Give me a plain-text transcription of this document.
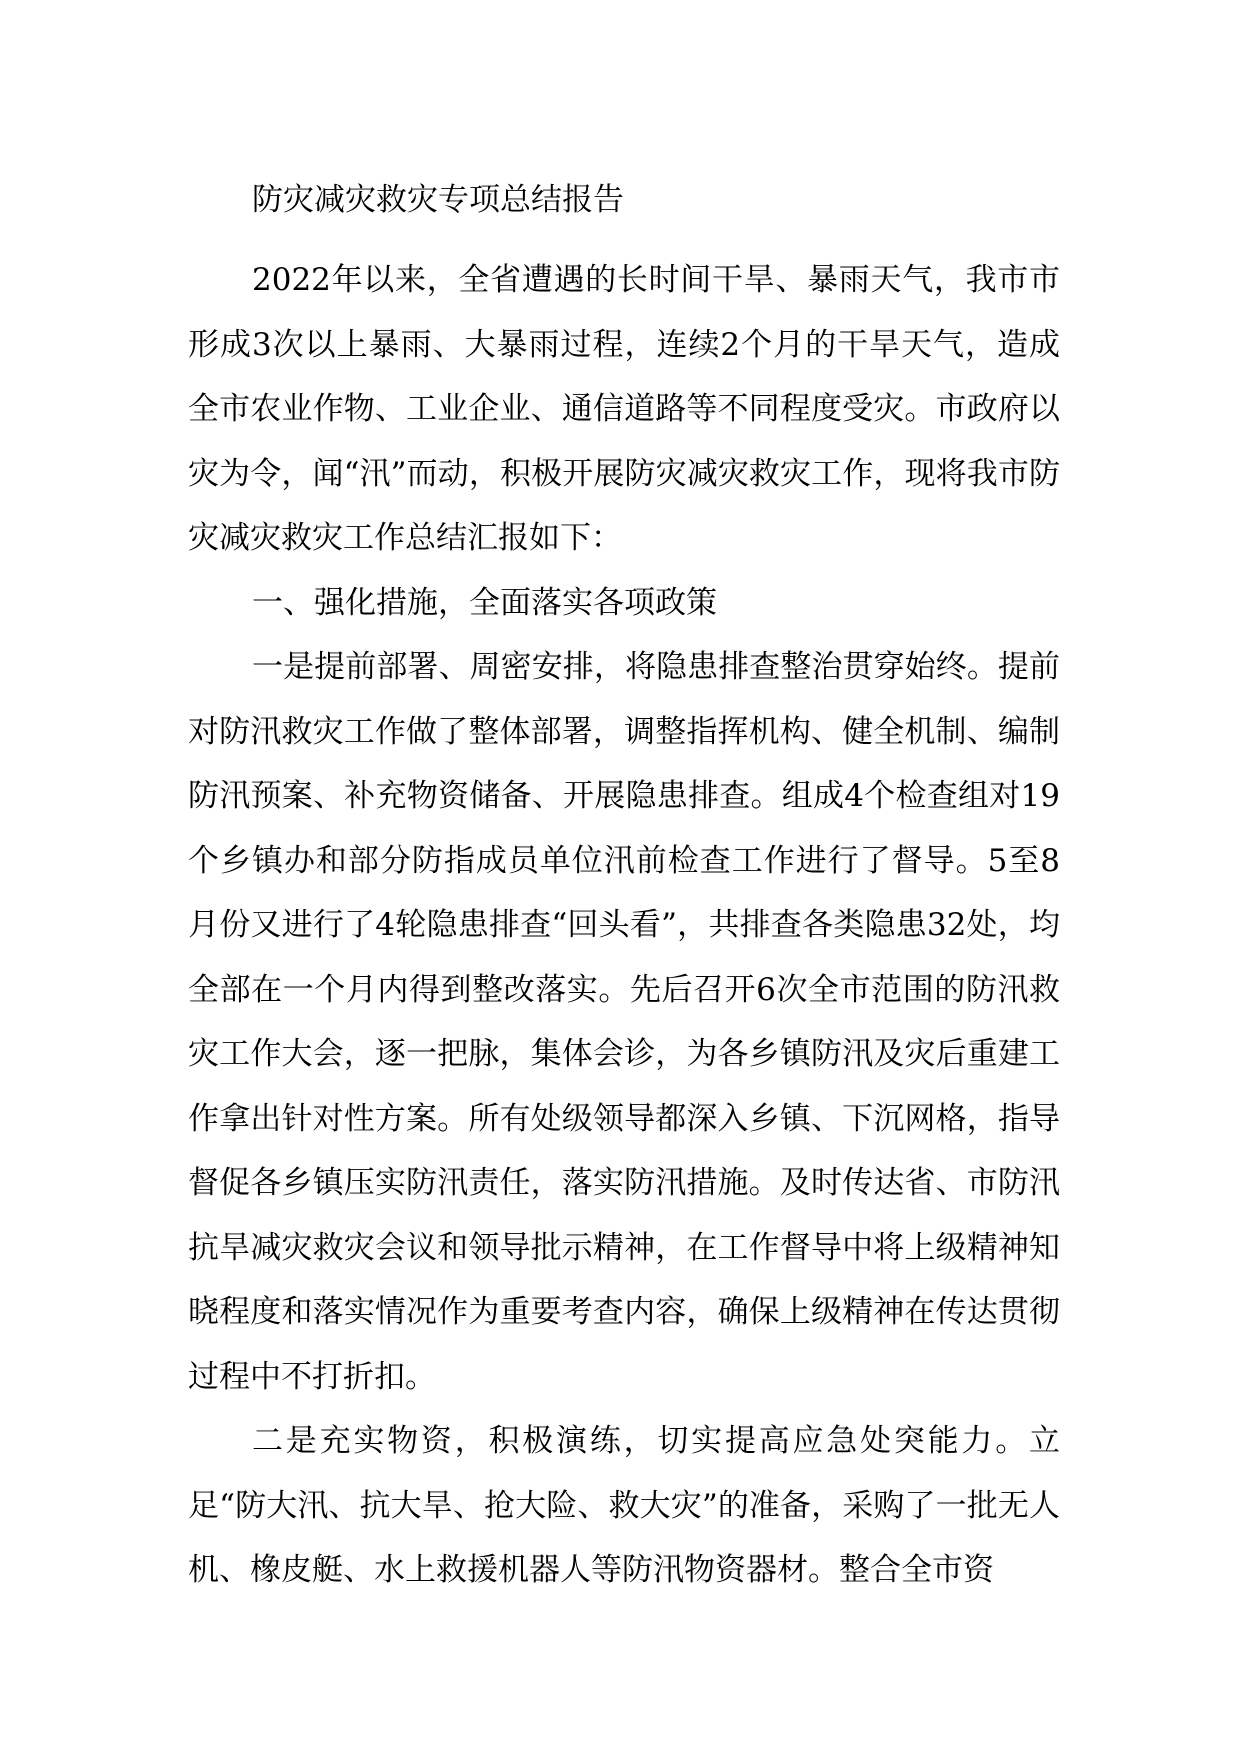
防灾减灾救灾专项总结报告

2022年以来，全省遭遇的长时间干旱、暴雨天气，我市市形成3次以上暴雨、大暴雨过程，连续2个月的干旱天气，造成全市农业作物、工业企业、通信道路等不同程度受灾。市政府以灾为令，闻“汛”而动，积极开展防灾减灾救灾工作，现将我市防灾减灾救灾工作总结汇报如下：

一、强化措施，全面落实各项政策

一是提前部署、周密安排，将隐患排查整治贯穿始终。提前对防汛救灾工作做了整体部署，调整指挥机构、健全机制、编制防汛预案、补充物资储备、开展隐患排查。组成4个检查组对19个乡镇办和部分防指成员单位汛前检查工作进行了督导。5至8月份又进行了4轮隐患排查“回头看”，共排查各类隐患32处，均全部在一个月内得到整改落实。先后召开6次全市范围的防汛救灾工作大会，逐一把脉，集体会诊，为各乡镇防汛及灾后重建工作拿出针对性方案。所有处级领导都深入乡镇、下沉网格，指导督促各乡镇压实防汛责任，落实防汛措施。及时传达省、市防汛抗旱减灾救灾会议和领导批示精神，在工作督导中将上级精神知晓程度和落实情况作为重要考查内容，确保上级精神在传达贯彻过程中不打折扣。

二是充实物资，积极演练，切实提高应急处突能力。立足“防大汛、抗大旱、抢大险、救大灾”的准备，采购了一批无人机、橡皮艇、水上救援机器人等防汛物资器材。整合全市资
